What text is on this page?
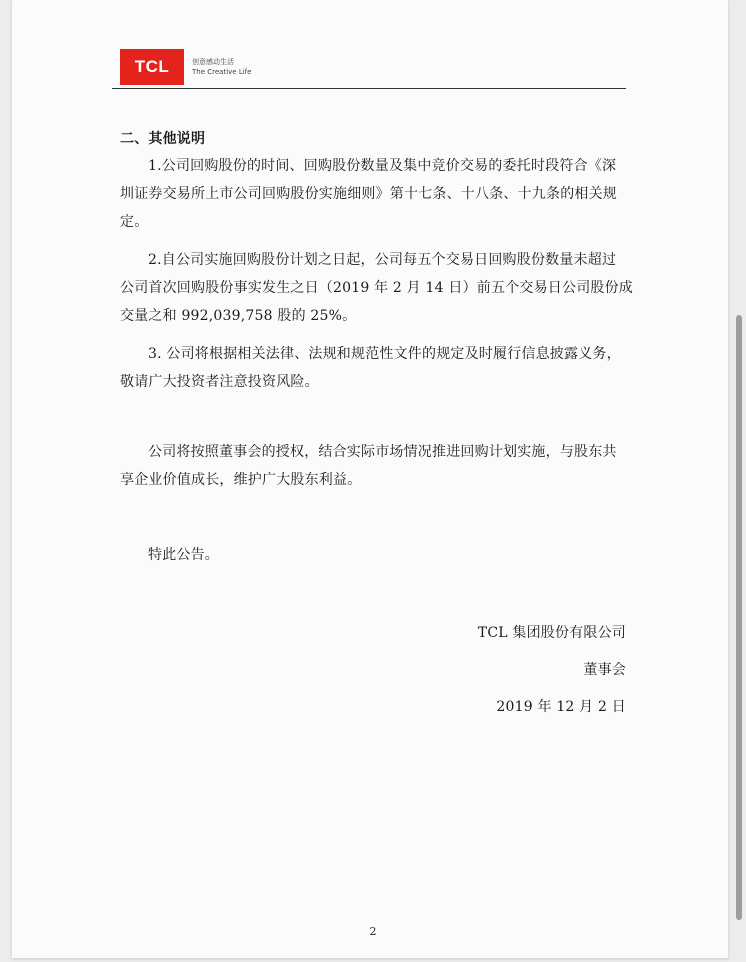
TCL	创意感动生活
The Creative Life
二、其他说明
1.公司回购股份的时间、回购股份数量及集中竞价交易的委托时段符合《深
圳证券交易所上市公司回购股份实施细则》第十七条、十八条、十九条的相关规
定。
2.自公司实施回购股份计划之日起，公司每五个交易日回购股份数量未超过
公司首次回购股份事实发生之日（2019 年 2 月 14 日）前五个交易日公司股份成
交量之和 992,039,758 股的 25%。
3. 公司将根据相关法律、法规和规范性文件的规定及时履行信息披露义务，
敬请广大投资者注意投资风险。
公司将按照董事会的授权，结合实际市场情况推进回购计划实施，与股东共
享企业价值成长，维护广大股东利益。
特此公告。
TCL 集团股份有限公司
董事会
2019 年 12 月 2 日
2
